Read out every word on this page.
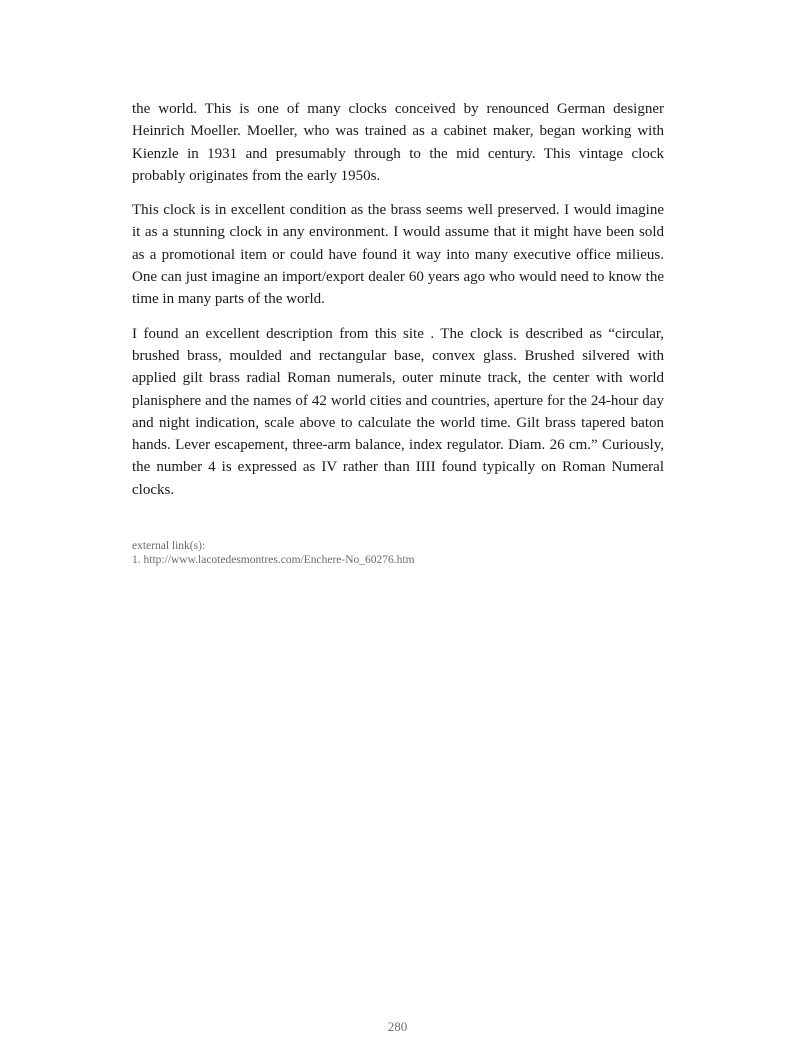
the world. This is one of many clocks conceived by renounced German designer Heinrich Moeller. Moeller, who was trained as a cabinet maker, began working with Kienzle in 1931 and presumably through to the mid century. This vintage clock probably originates from the early 1950s.

This clock is in excellent condition as the brass seems well preserved. I would imagine it as a stunning clock in any environment. I would assume that it might have been sold as a promotional item or could have found it way into many executive office milieus. One can just imagine an import/export dealer 60 years ago who would need to know the time in many parts of the world.

I found an excellent description from this site . The clock is described as “circular, brushed brass, moulded and rectangular base, convex glass. Brushed silvered with applied gilt brass radial Roman numerals, outer minute track, the center with world planisphere and the names of 42 world cities and countries, aperture for the 24-hour day and night indication, scale above to calculate the world time. Gilt brass tapered baton hands. Lever escapement, three-arm balance, index regulator. Diam. 26 cm.” Curiously, the number 4 is expressed as IV rather than IIII found typically on Roman Numeral clocks.

external link(s):
1. http://www.lacotedesmontres.com/Enchere-No_60276.htm
280
